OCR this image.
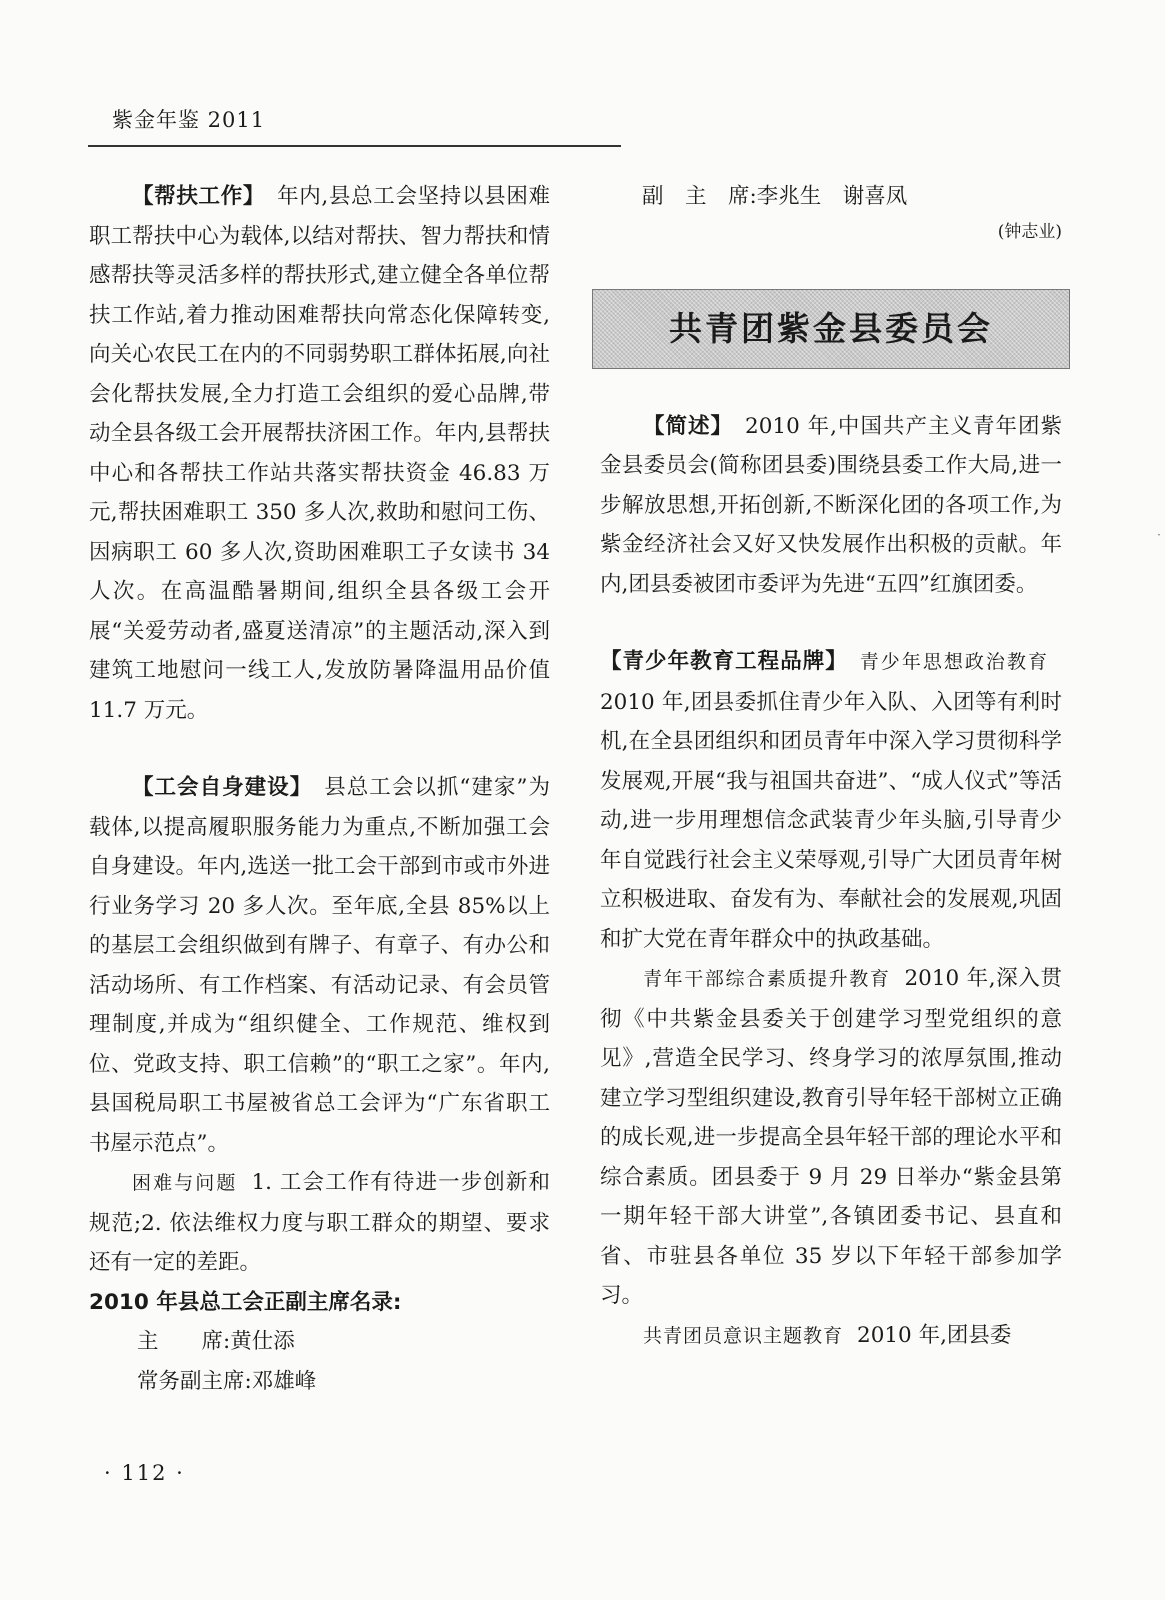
紫金年鉴 2011

【帮扶工作】 年内,县总工会坚持以县困难职工帮扶中心为载体,以结对帮扶、智力帮扶和情感帮扶等灵活多样的帮扶形式,建立健全各单位帮扶工作站,着力推动困难帮扶向常态化保障转变,向关心农民工在内的不同弱势职工群体拓展,向社会化帮扶发展,全力打造工会组织的爱心品牌,带动全县各级工会开展帮扶济困工作。年内,县帮扶中心和各帮扶工作站共落实帮扶资金 46.83 万元,帮扶困难职工 350 多人次,救助和慰问工伤、因病职工 60 多人次,资助困难职工子女读书 34 人次。在高温酷暑期间,组织全县各级工会开展“关爱劳动者,盛夏送清凉”的主题活动,深入到建筑工地慰问一线工人,发放防暑降温用品价值 11.7 万元。

【工会自身建设】 县总工会以抓“建家”为载体,以提高履职服务能力为重点,不断加强工会自身建设。年内,选送一批工会干部到市或市外进行业务学习 20 多人次。至年底,全县 85%以上的基层工会组织做到有牌子、有章子、有办公和活动场所、有工作档案、有活动记录、有会员管理制度,并成为“组织健全、工作规范、维权到位、党政支持、职工信赖”的“职工之家”。年内,县国税局职工书屋被省总工会评为“广东省职工书屋示范点”。

困难与问题 1. 工会工作有待进一步创新和规范;2. 依法维权力度与职工群众的期望、要求还有一定的差距。

2010 年县总工会正副主席名录:

主　　席:黄仕添

常务副主席:邓雄峰

副　主　席:李兆生　谢喜凤

(钟志业)

共青团紫金县委员会

【简述】 2010 年,中国共产主义青年团紫金县委员会(简称团县委)围绕县委工作大局,进一步解放思想,开拓创新,不断深化团的各项工作,为紫金经济社会又好又快发展作出积极的贡献。年内,团县委被团市委评为先进“五四”红旗团委。

【青少年教育工程品牌】 青少年思想政治教育2010 年,团县委抓住青少年入队、入团等有利时机,在全县团组织和团员青年中深入学习贯彻科学发展观,开展“我与祖国共奋进”、“成人仪式”等活动,进一步用理想信念武装青少年头脑,引导青少年自觉践行社会主义荣辱观,引导广大团员青年树立积极进取、奋发有为、奉献社会的发展观,巩固和扩大党在青年群众中的执政基础。

青年干部综合素质提升教育 2010 年,深入贯彻《中共紫金县委关于创建学习型党组织的意见》,营造全民学习、终身学习的浓厚氛围,推动建立学习型组织建设,教育引导年轻干部树立正确的成长观,进一步提高全县年轻干部的理论水平和综合素质。团县委于 9 月 29 日举办“紫金县第一期年轻干部大讲堂”,各镇团委书记、县直和省、市驻县各单位 35 岁以下年轻干部参加学习。

共青团员意识主题教育 2010 年,团县委

· 112 ·
·
